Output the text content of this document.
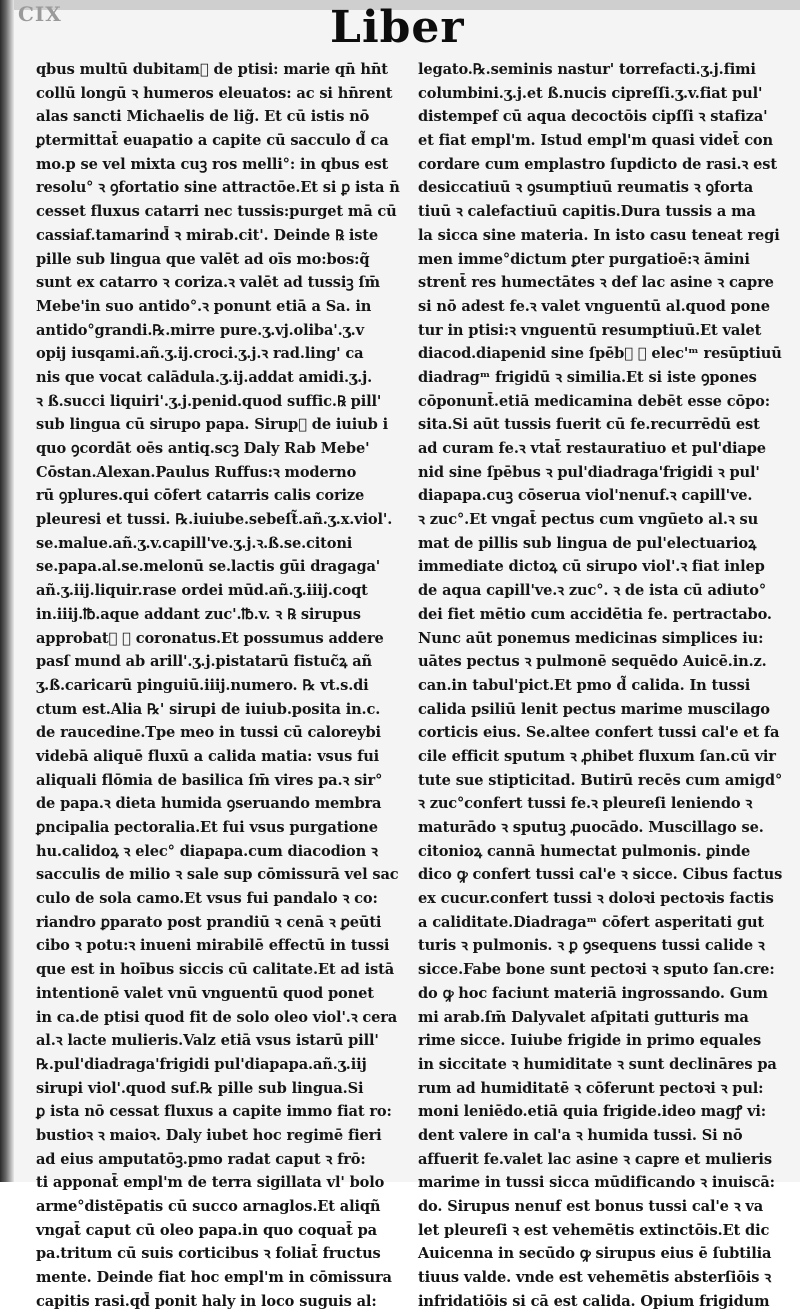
CIX	Liber
qbus multū dubitam᷑ de ptisi: marie qn̄ hn̄t
collū longū ꝛ humeros eleuatos: ac si hn̄rent
alas sancti Michaelis de lig̃. Et cū istis nō
ꝑtermittat̄ euapatio a capite cū sacculo d̃ ca
mo.p se vel mixta cuꝫ ros melli°: in qbus est
resolu° ꝛ ꝯfortatio sine attractōe.Et si ꝑ ista n̄
cesset fluxus catarri nec tussis:purget mā cū
cassiaf.tamarind̄ ꝛ mirab.cit'. Deinde ℞ iste
pille sub lingua que valēt ad oīs mo:bos:q̃
sunt ex catarro ꝛ coriza.ꝛ valēt ad tussiꝫ ſm̄
Mebe'in suo antido°.ꝛ ponunt etiā a Sa. in
antido°grandi.℞.mirre pure.ʒ.vj.oliba'.ʒ.v
opij iusqami.añ.ʒ.ij.croci.ʒ.j.ꝛ rad.ling' ca
nis que vocat calādula.ʒ.ij.addat amidi.ʒ.j.
ꝛ ß.succi liquiri'.ʒ.j.penid.quod suffic.℞ pill'
sub lingua cū sirupo papa. Sirup᷑ de iuiub i
quo ꝯcordāt oēs antiq.scꝫ Daly Rab Mebe'
Cōstan.Alexan.Paulus Ruffus:ꝛ moderno
rū ꝯplures.qui cōfert catarris calis corize
pleuresi et tussi. ℞.iuiube.sebeſt̃.añ.ʒ.x.viol'.
se.malue.añ.ʒ.v.capill've.ʒ.j.ꝛ.ß.se.citoni
se.papa.al.se.melonū se.lactis gūi dragaga'
añ.ʒ.iij.liquir.rase ordei mūd.añ.ʒ.iiij.coqt
in.iiij.℔.aque addant zuc'.℔.v. ꝛ ℞ sirupus
approbat᷑ ꝛ coronatus.Et possumus addere
pasſ mund ab arill'.ʒ.j.pistatarū fistuc̃ꝝ añ
ʒ.ß.caricarū pinguiū.iiij.numero. ℞ vt.s.di
ctum est.Alia ℞' sirupi de iuiub.posita in.c.
de raucedine.Tpe meo in tussi cū caloreybi
videbā aliquē fluxū a calida matia: vsus fui
aliquali flōmia de basilica ſm̄ vires pa.ꝛ sir°
de papa.ꝛ dieta humida ꝯseruando membra
ꝑncipalia pectoralia.Et fui vsus purgatione
hu.calidoꝝ ꝛ elec° diapapa.cum diacodion ꝛ
sacculis de milio ꝛ sale sup cōmissurā vel sac
culo de sola camo.Et vsus fui pandalo ꝛ co:
riandro ꝑparato post prandiū ꝛ cenā ꝛ ꝑeūti
cibo ꝛ potu:ꝛ inueni mirabilē effectū in tussi
que est in hoībus siccis cū calitate.Et ad istā
intentionē valet vnū vnguentū quod ponet
in ca.de ptisi quod fit de solo oleo viol'.ꝛ cera
al.ꝛ lacte mulieris.Valz etiā vsus istarū pill'
℞.pul'diadraga'frigidi pul'diapapa.añ.ʒ.iij
sirupi viol'.quod suf.℞ pille sub lingua.Si
ꝑ ista nō cessat fluxus a capite immo fiat ro:
bustioꝛ ꝛ maioꝛ. Daly iubet hoc regimē fieri
ad eius amputatōꝫ.pmo radat caput ꝛ frō:
ti apponat̄ empl'm de terra sigillata vl' bolo
arme°distēpatis cū succo arnaglos.Et aliqñ
vngat̄ caput cū oleo papa.in quo coquat̄ pa
pa.tritum cū suis corticibus ꝛ foliat̄ fructus
mente. Deinde fiat hoc empl'm in cōmissura
capitis rasi.qd̄ ponit haly in loco suguis al:
legato.℞.seminis nastur' torrefacti.ʒ.j.fimi
columbini.ʒ.j.et ß.nucis cipreſſi.ʒ.v.fiat pul'
distempef cū aqua decoctōis cipſſi ꝛ stafiza'
et fiat empl'm. Istud empl'm quasi videt̄ con
cordare cum emplastro ſupdicto de rasi.ꝛ est
desiccatiuū ꝛ ꝯsumptiuū reumatis ꝛ ꝯforta
tiuū ꝛ calefactiuū capitis.Dura tussis a ma
la sicca sine materia. In isto casu teneat regi
men imme°dictum ꝑter purgatioē:ꝛ āmini
strent̄ res humectātes ꝛ def lac asine ꝛ capre
si nō adest fe.ꝛ valet vnguentū al.quod pone
tur in ptisi:ꝛ vnguentū resumptiuū.Et valet
diacod.diapenid sine ſpēb᷑ ꝛ elec'ᵐ resūptiuū
diadragᵐ frigidū ꝛ similia.Et si iste ꝯpones
cōponunt̄.etiā medicamina debēt esse cōpo:
sita.Si aūt tussis fuerit cū fe.recurrēdū est
ad curam fe.ꝛ vtat̄ restauratiuo et pul'diape
nid sine ſpēbus ꝛ pul'diadraga'frigidi ꝛ pul'
diapapa.cuꝫ cōserua viol'nenuf.ꝛ capill've.
ꝛ zuc°.Et vngat̄ pectus cum vngūeto al.ꝛ su
mat de pillis sub lingua de pul'electuarioꝝ
immediate dictoꝝ cū sirupo viol'.ꝛ fiat inlep
de aqua capill've.ꝛ zuc°. ꝛ de ista cū adiuto°
dei fiet mētio cum accidētia fe. pertractabo.
Nunc aūt ponemus medicinas simplices iu:
uātes pectus ꝛ pulmonē sequēdo Auicē.in.z.
can.in tabul'pict.Et pmo d̃ calida. In tussi
calida psiliū lenit pectus marime muscilago
corticis eius. Se.altee confert tussi cal'e et fa
cile efficit sputum ꝛ ꝓhibet fluxum ſan.cū vir
tute sue stipticitad. Butirū recēs cum amigd°
ꝛ zuc°confert tussi fe.ꝛ pleureſi leniendo ꝛ
maturādo ꝛ sputuꝫ ꝓuocādo. Muscillago se.
citonioꝝ cannā humectat pulmonis. ꝑinde
dico ꝙ confert tussi cal'e ꝛ sicce. Cibus factus
ex cucur.confert tussi ꝛ doloꝛi pectoꝛis factis
a caliditate.Diadragaᵐ cōfert asperitati gut
turis ꝛ pulmonis. ꝛ ꝑ ꝯsequens tussi calide ꝛ
sicce.Fabe bone sunt pectoꝛi ꝛ sputo ſan.cre:
do ꝙ hoc faciunt materiā ingrossando. Gum
mi arab.ſm̄ Dalyvalet aſpitati gutturis ma
rime sicce. Iuiube frigide in primo equales
in siccitate ꝛ humiditate ꝛ sunt declināres pa
rum ad humiditatē ꝛ cōferunt pectoꝛi ꝛ pul:
moni leniēdo.etiā quia frigide.ideo magꝭ vi:
dent valere in cal'a ꝛ humida tussi. Si nō
affuerit fe.valet lac asine ꝛ capre et mulieris
marime in tussi sicca mūdificando ꝛ inuiscā:
do. Sirupus nenuf est bonus tussi cal'e ꝛ va
let pleureſi ꝛ est vehemētis extinctōis.Et dic
Auicenna in secūdo ꝙ sirupus eius ē ſubtilia
tiuus valde. vnde est vehemētis absterſiōis ꝛ
infridatiōis si cā est calida. Opium frigidum
